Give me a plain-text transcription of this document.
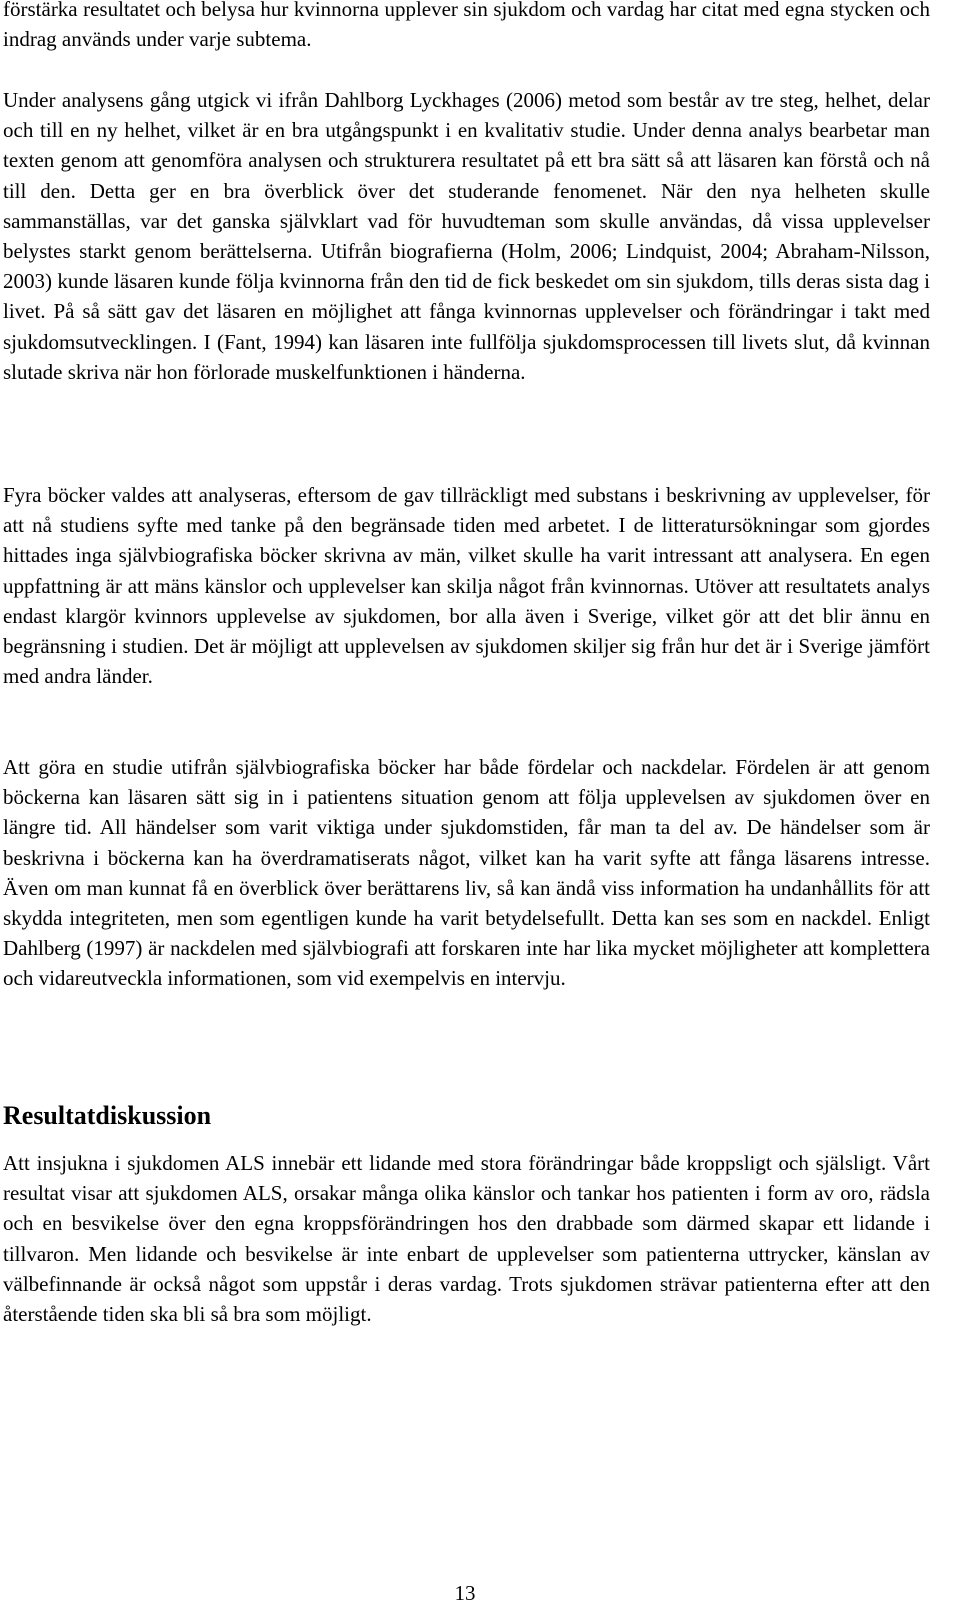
förstärka resultatet och belysa hur kvinnorna upplever sin sjukdom och vardag har citat med egna stycken och indrag används under varje subtema.

Under analysens gång utgick vi ifrån Dahlborg Lyckhages (2006) metod som består av tre steg, helhet, delar och till en ny helhet, vilket är en bra utgångspunkt i en kvalitativ studie. Under denna analys bearbetar man texten genom att genomföra analysen och strukturera resultatet på ett bra sätt så att läsaren kan förstå och nå till den. Detta ger en bra överblick över det studerande fenomenet. När den nya helheten skulle sammanställas, var det ganska självklart vad för huvudteman som skulle användas, då vissa upplevelser belystes starkt genom berättelserna. Utifrån biografierna (Holm, 2006; Lindquist, 2004; Abraham-Nilsson, 2003) kunde läsaren kunde följa kvinnorna från den tid de fick beskedet om sin sjukdom, tills deras sista dag i livet. På så sätt gav det läsaren en möjlighet att fånga kvinnornas upplevelser och förändringar i takt med sjukdomsutvecklingen. I (Fant, 1994) kan läsaren inte fullfölja sjukdomsprocessen till livets slut, då kvinnan slutade skriva när hon förlorade muskelfunktionen i händerna.

Fyra böcker valdes att analyseras, eftersom de gav tillräckligt med substans i beskrivning av upplevelser, för att nå studiens syfte med tanke på den begränsade tiden med arbetet. I de litteratursökningar som gjordes hittades inga självbiografiska böcker skrivna av män, vilket skulle ha varit intressant att analysera. En egen uppfattning är att mäns känslor och upplevelser kan skilja något från kvinnornas. Utöver att resultatets analys endast klargör kvinnors upplevelse av sjukdomen, bor alla även i Sverige, vilket gör att det blir ännu en begränsning i studien. Det är möjligt att upplevelsen av sjukdomen skiljer sig från hur det är i Sverige jämfört med andra länder.

Att göra en studie utifrån självbiografiska böcker har både fördelar och nackdelar. Fördelen är att genom böckerna kan läsaren sätt sig in i patientens situation genom att följa upplevelsen av sjukdomen över en längre tid. All händelser som varit viktiga under sjukdomstiden, får man ta del av. De händelser som är beskrivna i böckerna kan ha överdramatiserats något, vilket kan ha varit syfte att fånga läsarens intresse. Även om man kunnat få en överblick över berättarens liv, så kan ändå viss information ha undanhållits för att skydda integriteten, men som egentligen kunde ha varit betydelsefullt. Detta kan ses som en nackdel. Enligt Dahlberg (1997) är nackdelen med självbiografi att forskaren inte har lika mycket möjligheter att komplettera och vidareutveckla informationen, som vid exempelvis en intervju.

Resultatdiskussion

Att insjukna i sjukdomen ALS innebär ett lidande med stora förändringar både kroppsligt och själsligt. Vårt resultat visar att sjukdomen ALS, orsakar många olika känslor och tankar hos patienten i form av oro, rädsla och en besvikelse över den egna kroppsförändringen hos den drabbade som därmed skapar ett lidande i tillvaron. Men lidande och besvikelse är inte enbart de upplevelser som patienterna uttrycker, känslan av välbefinnande är också något som uppstår i deras vardag. Trots sjukdomen strävar patienterna efter att den återstående tiden ska bli så bra som möjligt.

13
